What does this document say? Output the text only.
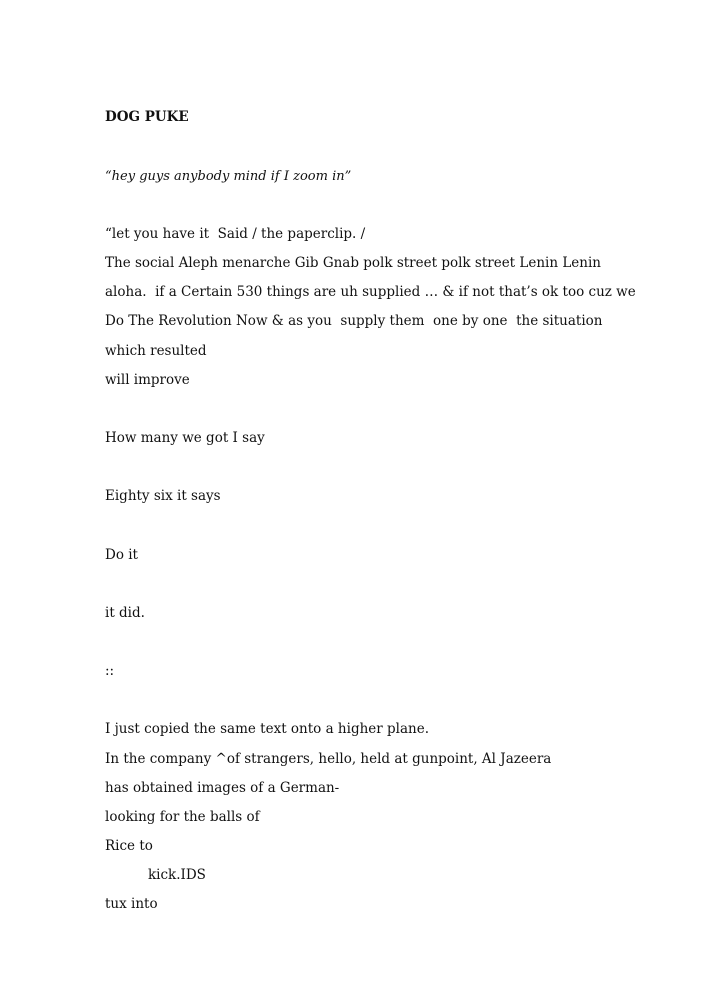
DOG PUKE
“hey guys anybody mind if I zoom in”
“let you have it  Said / the paperclip. /
The social Aleph menarche Gib Gnab polk street polk street Lenin Lenin
aloha.  if a Certain 530 things are uh supplied … & if not that’s ok too cuz we
Do The Revolution Now & as you  supply them  one by one  the situation
which resulted
will improve
How many we got I say
Eighty six it says
Do it
it did.
::
I just copied the same text onto a higher plane.
In the company ^of strangers, hello, held at gunpoint, Al Jazeera
has obtained images of a German-
looking for the balls of
Rice to
kick.IDS
tux into
